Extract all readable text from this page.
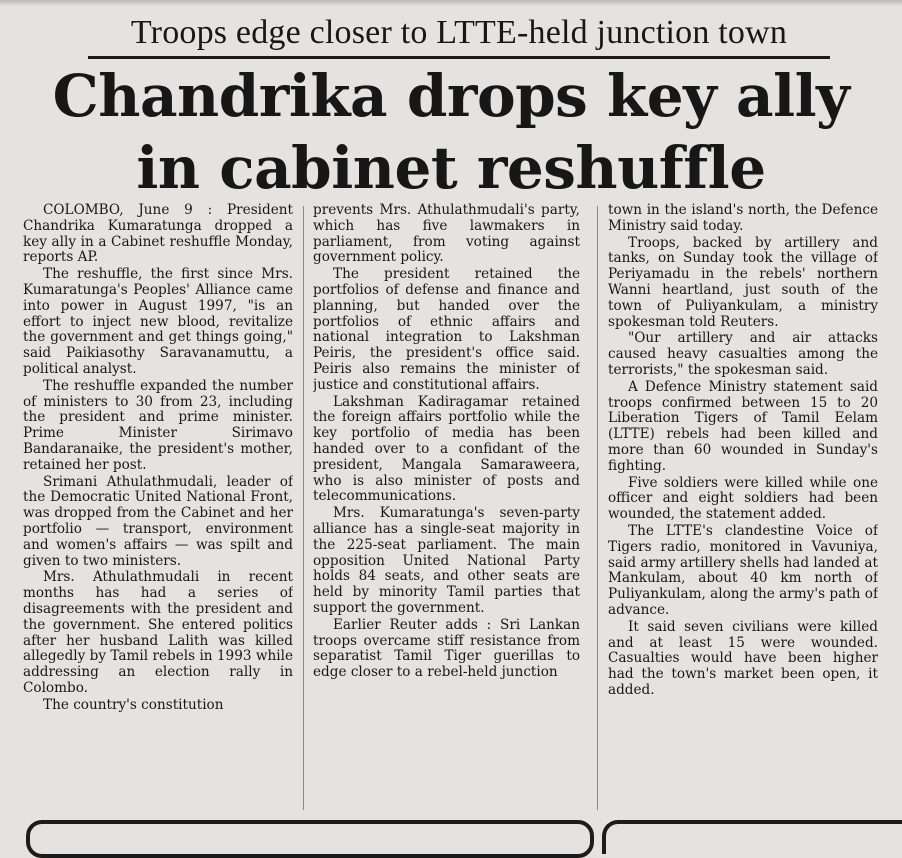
Troops edge closer to LTTE-held junction town
Chandrika drops key ally
in cabinet reshuffle

COLOMBO, June 9 : President Chandrika Kumaratunga dropped a key ally in a Cabinet reshuffle Monday, reports AP.

The reshuffle, the first since Mrs. Kumaratunga's Peoples' Alliance came into power in August 1997, "is an effort to inject new blood, revitalize the government and get things going," said Paikiasothy Saravanamuttu, a political analyst.

The reshuffle expanded the number of ministers to 30 from 23, including the president and prime minister. Prime Minister Sirimavo Bandaranaike, the president's mother, retained her post.

Srimani Athulathmudali, leader of the Democratic United National Front, was dropped from the Cabinet and her portfolio — transport, environment and women's affairs — was spilt and given to two ministers.

Mrs. Athulathmudali in recent months has had a series of disagreements with the president and the government. She entered politics after her husband Lalith was killed allegedly by Tamil rebels in 1993 while addressing an election rally in Colombo.

The country's constitution

prevents Mrs. Athulathmudali's party, which has five lawmakers in parliament, from voting against government policy.

The president retained the portfolios of defense and finance and planning, but handed over the portfolios of ethnic affairs and national integration to Lakshman Peiris, the president's office said. Peiris also remains the minister of justice and constitutional affairs.

Lakshman Kadiragamar retained the foreign affairs portfolio while the key portfolio of media has been handed over to a confidant of the president, Mangala Samaraweera, who is also minister of posts and telecommunications.

Mrs. Kumaratunga's seven-party alliance has a single-seat majority in the 225-seat parliament. The main opposition United National Party holds 84 seats, and other seats are held by minority Tamil parties that support the government.

Earlier Reuter adds : Sri Lankan troops overcame stiff resistance from separatist Tamil Tiger guerillas to edge closer to a rebel-held junction

town in the island's north, the Defence Ministry said today.

Troops, backed by artillery and tanks, on Sunday took the village of Periyamadu in the rebels' northern Wanni heartland, just south of the town of Puliyankulam, a ministry spokesman told Reuters.

"Our artillery and air attacks caused heavy casualties among the terrorists," the spokesman said.

A Defence Ministry statement said troops confirmed between 15 to 20 Liberation Tigers of Tamil Eelam (LTTE) rebels had been killed and more than 60 wounded in Sunday's fighting.

Five soldiers were killed while one officer and eight soldiers had been wounded, the statement added.

The LTTE's clandestine Voice of Tigers radio, monitored in Vavuniya, said army artillery shells had landed at Mankulam, about 40 km north of Puliyankulam, along the army's path of advance.

It said seven civilians were killed and at least 15 were wounded. Casualties would have been higher had the town's market been open, it added.
